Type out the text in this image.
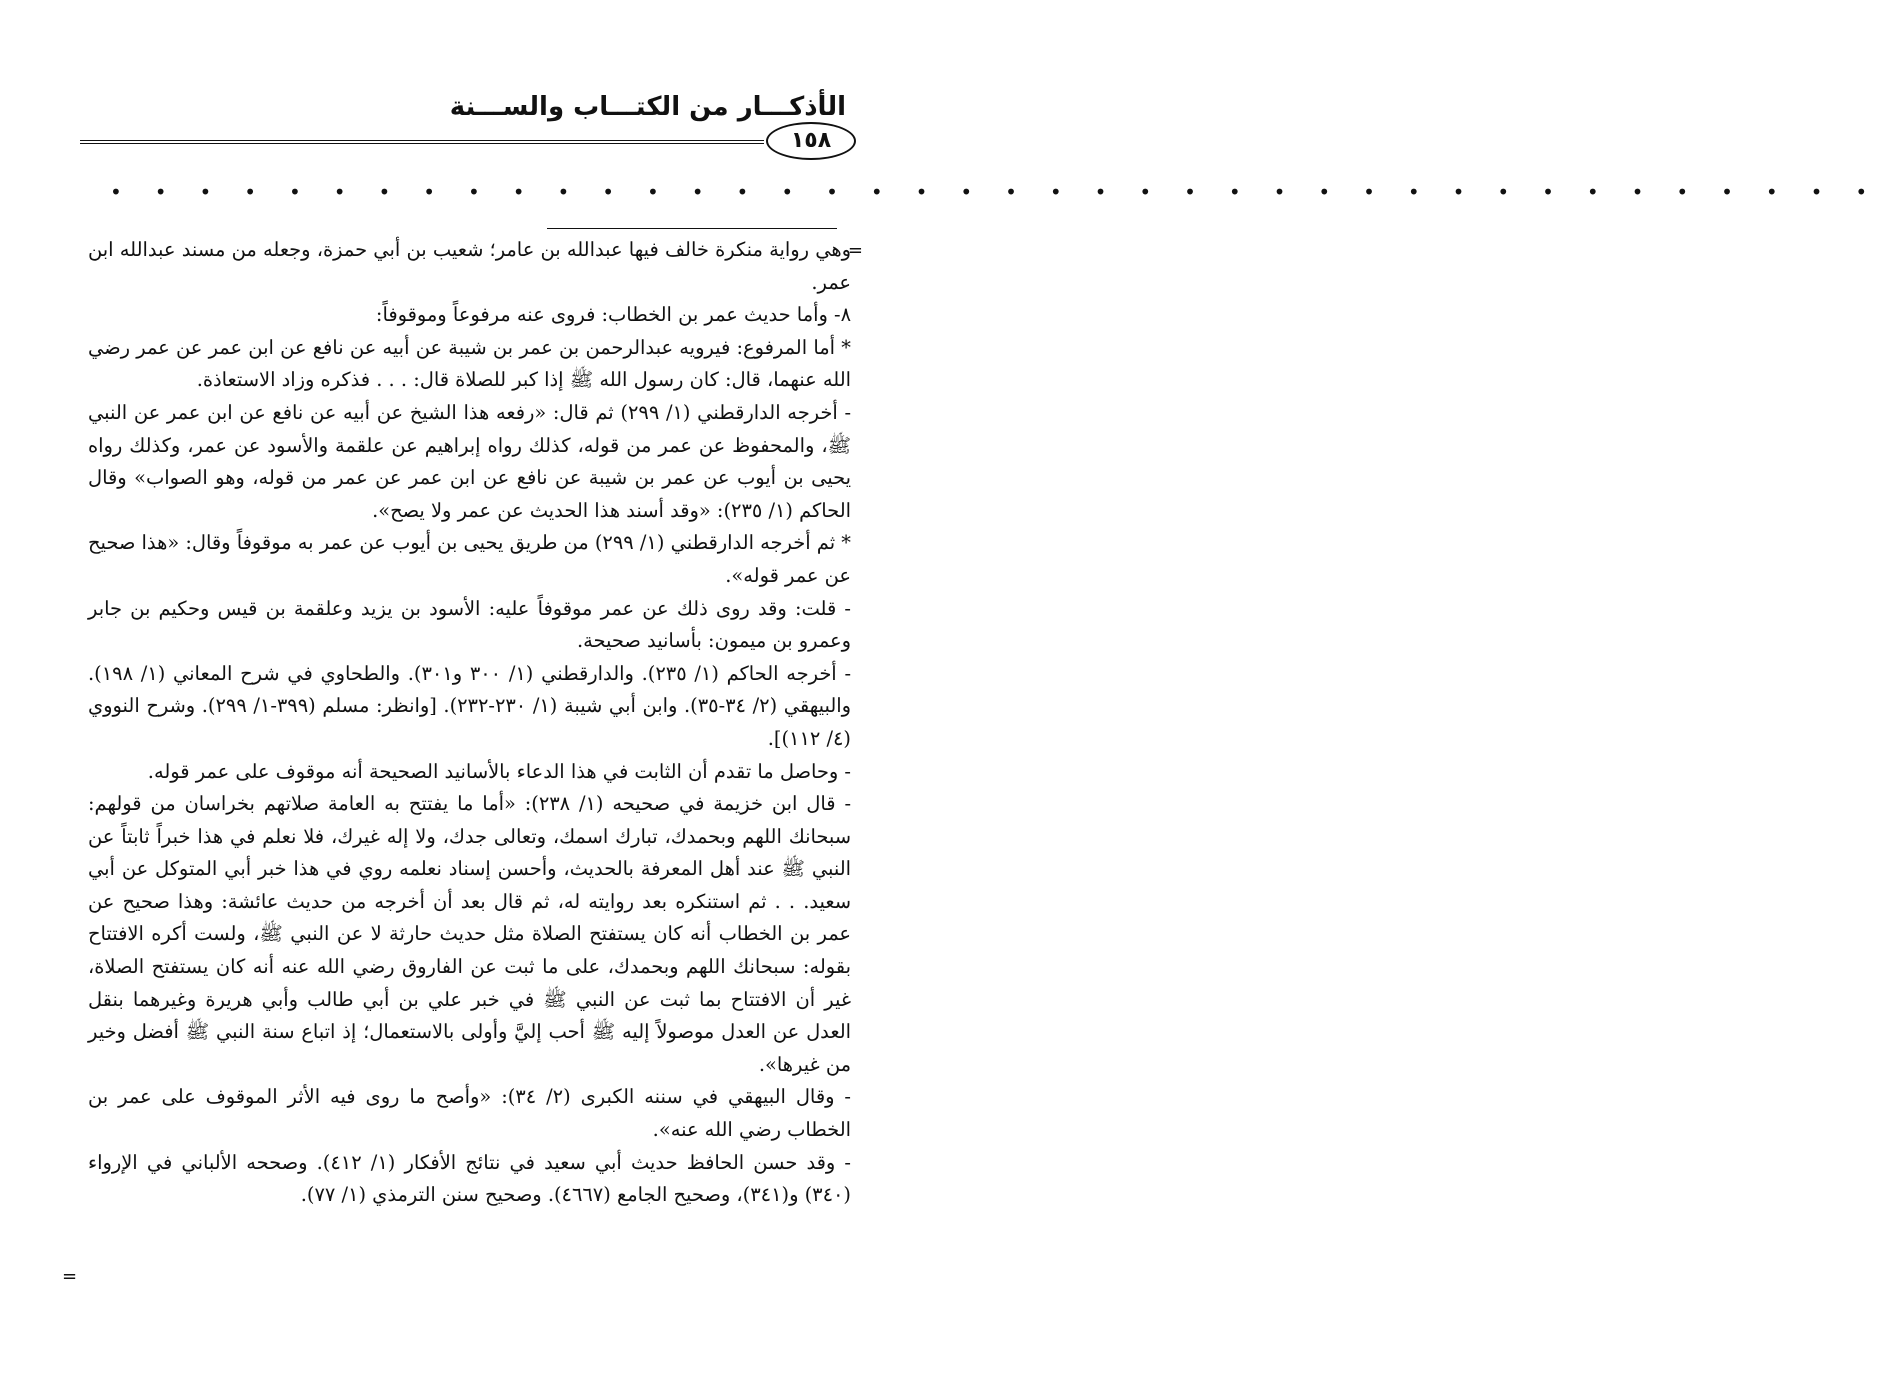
الأذكـــار من الكتـــاب والســـنة
١٥٨
• • • • • • • • • • • • • • • • • • • • • • • • • • • • • • • • • • • • • • • •
=

وهي رواية منكرة خالف فيها عبدالله بن عامر؛ شعيب بن أبي حمزة، وجعله من مسند عبدالله ابن عمر.

٨- وأما حديث عمر بن الخطاب: فروى عنه مرفوعاً وموقوفاً:

* أما المرفوع: فيرويه عبدالرحمن بن عمر بن شيبة عن أبيه عن نافع عن ابن عمر عن عمر رضي الله عنهما، قال: كان رسول الله ﷺ إذا كبر للصلاة قال: . . . فذكره وزاد الاستعاذة.

- أخرجه الدارقطني (١/ ٢٩٩) ثم قال: «رفعه هذا الشيخ عن أبيه عن نافع عن ابن عمر عن النبي ﷺ، والمحفوظ عن عمر من قوله، كذلك رواه إبراهيم عن علقمة والأسود عن عمر، وكذلك رواه يحيى بن أيوب عن عمر بن شيبة عن نافع عن ابن عمر عن عمر من قوله، وهو الصواب» وقال الحاكم (١/ ٢٣٥): «وقد أسند هذا الحديث عن عمر ولا يصح».

* ثم أخرجه الدارقطني (١/ ٢٩٩) من طريق يحيى بن أيوب عن عمر به موقوفاً وقال: «هذا صحيح عن عمر قوله».

- قلت: وقد روى ذلك عن عمر موقوفاً عليه: الأسود بن يزيد وعلقمة بن قيس وحكيم بن جابر وعمرو بن ميمون: بأسانيد صحيحة.

- أخرجه الحاكم (١/ ٢٣٥). والدارقطني (١/ ٣٠٠ و٣٠١). والطحاوي في شرح المعاني (١/ ١٩٨). والبيهقي (٢/ ٣٤-٣٥). وابن أبي شيبة (١/ ٢٣٠-٢٣٢). [وانظر: مسلم (٣٩٩-١/ ٢٩٩). وشرح النووي (٤/ ١١٢)].

- وحاصل ما تقدم أن الثابت في هذا الدعاء بالأسانيد الصحيحة أنه موقوف على عمر قوله.

- قال ابن خزيمة في صحيحه (١/ ٢٣٨): «أما ما يفتتح به العامة صلاتهم بخراسان من قولهم: سبحانك اللهم وبحمدك، تبارك اسمك، وتعالى جدك، ولا إله غيرك، فلا نعلم في هذا خبراً ثابتاً عن النبي ﷺ عند أهل المعرفة بالحديث، وأحسن إسناد نعلمه روي في هذا خبر أبي المتوكل عن أبي سعيد. . . ثم استنكره بعد روايته له، ثم قال بعد أن أخرجه من حديث عائشة: وهذا صحيح عن عمر بن الخطاب أنه كان يستفتح الصلاة مثل حديث حارثة لا عن النبي ﷺ، ولست أكره الافتتاح بقوله: سبحانك اللهم وبحمدك، على ما ثبت عن الفاروق رضي الله عنه أنه كان يستفتح الصلاة، غير أن الافتتاح بما ثبت عن النبي ﷺ في خبر علي بن أبي طالب وأبي هريرة وغيرهما بنقل العدل عن العدل موصولاً إليه ﷺ أحب إليَّ وأولى بالاستعمال؛ إذ اتباع سنة النبي ﷺ أفضل وخير من غيرها».

- وقال البيهقي في سننه الكبرى (٢/ ٣٤): «وأصح ما روى فيه الأثر الموقوف على عمر بن الخطاب رضي الله عنه».

- وقد حسن الحافظ حديث أبي سعيد في نتائج الأفكار (١/ ٤١٢). وصححه الألباني في الإرواء (٣٤٠) و(٣٤١)، وصحيح الجامع (٤٦٦٧). وصحيح سنن الترمذي (١/ ٧٧).

=
